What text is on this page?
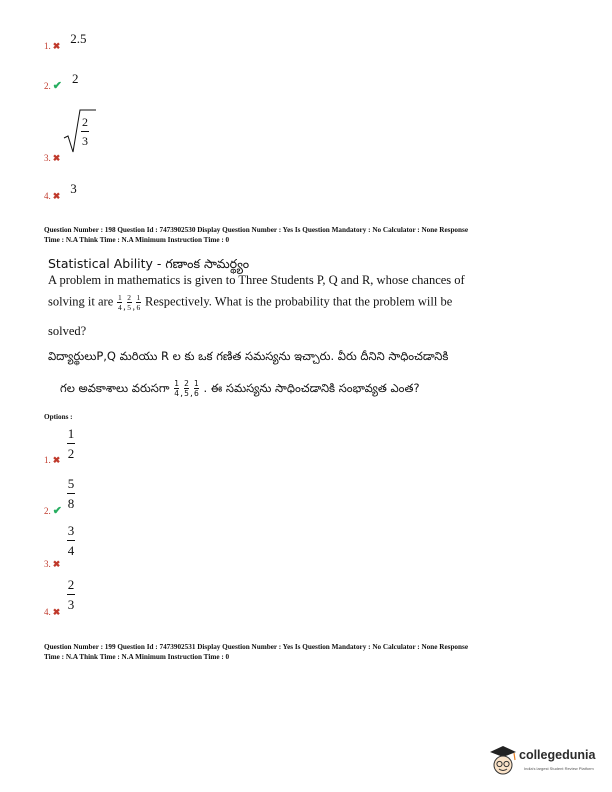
1. ✖ $^{2.5}$
2. ✔ $^2$
3. ✖
2
3
4. ✖ $^3$
Question Number : 198 Question Id : 7473902530 Display Question Number : Yes Is Question Mandatory : No Calculator : None Response
Time : N.A Think Time : N.A Minimum Instruction Time : 0
Statistical Ability - గణాంక సామర్థ్యం
A problem in mathematics is given to Three Students P, Q and R, whose chances of
solving it are $\frac{1}{4} _, \frac{2}{5} _, \frac{1}{6}$ Respectively. What is the probability that the problem will be
solved?
విద్యార్థులుP,Q మరియు R ల కు ఒక గణిత సమస్యను ఇచ్చారు. వీరు దీనిని సాధించడానికి
గల అవకాశాలు వరుసగా $\frac{1}{4} _, \frac{2}{5} _, \frac{1}{6}$ . ఈ సమస్యను సాధించడానికి సంభావ్యత ఎంత?
Options :
1. ✖
1
2
2. ✔
5
8
3. ✖
3
4
4. ✖
2
3
Question Number : 199 Question Id : 7473902531 Display Question Number : Yes Is Question Mandatory : No Calculator : None Response
Time : N.A Think Time : N.A Minimum Instruction Time : 0
collegedunia
India's largest Student Review Platform
